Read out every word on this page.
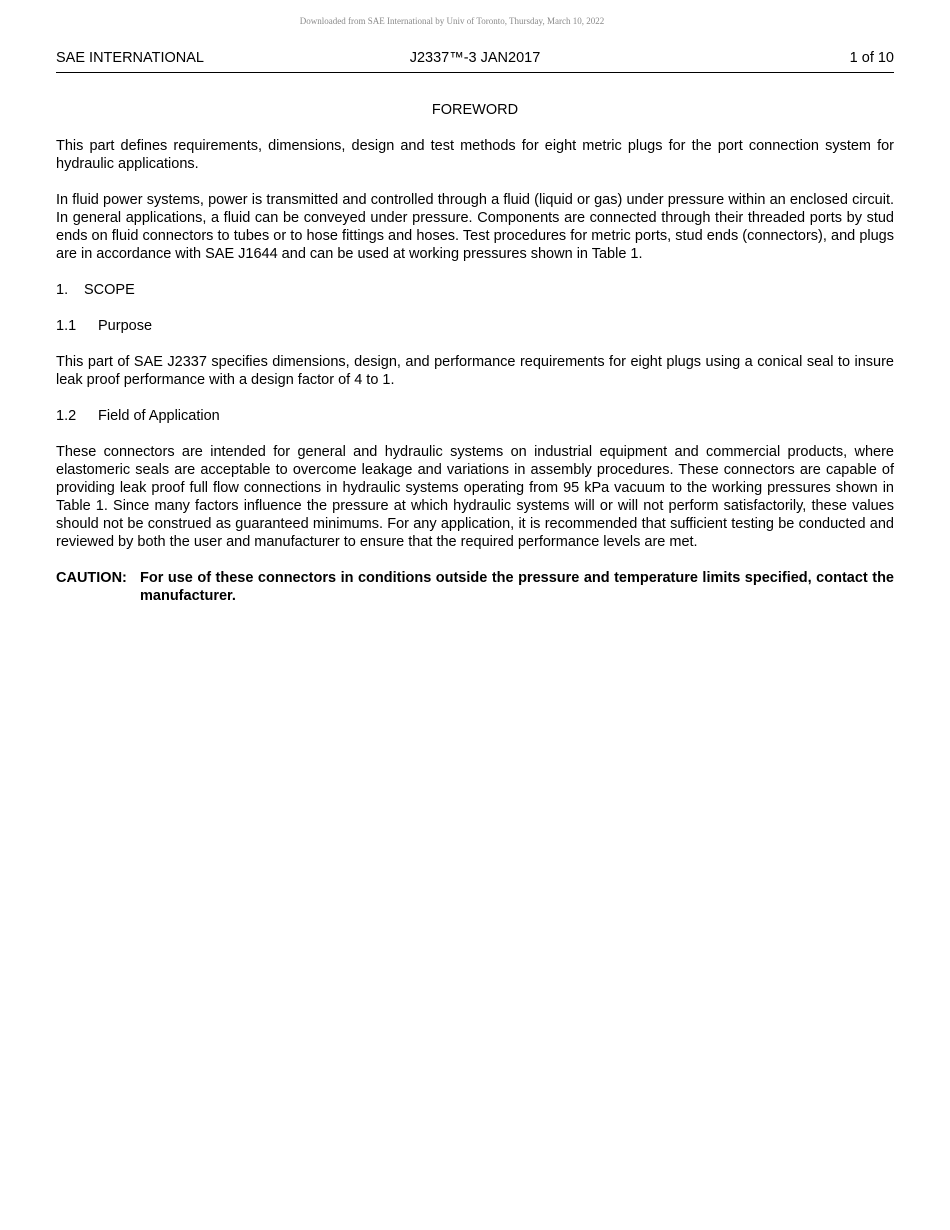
Downloaded from SAE International by Univ of Toronto, Thursday, March 10, 2022
SAE INTERNATIONAL	J2337™-3 JAN2017	1 of 10

FOREWORD

This part defines requirements, dimensions, design and test methods for eight metric plugs for the port connection system for hydraulic applications.

In fluid power systems, power is transmitted and controlled through a fluid (liquid or gas) under pressure within an enclosed circuit. In general applications, a fluid can be conveyed under pressure. Components are connected through their threaded ports by stud ends on fluid connectors to tubes or to hose fittings and hoses. Test procedures for metric ports, stud ends (connectors), and plugs are in accordance with SAE J1644 and can be used at working pressures shown in Table 1.

1. SCOPE
1.1 Purpose

This part of SAE J2337 specifies dimensions, design, and performance requirements for eight plugs using a conical seal to insure leak proof performance with a design factor of 4 to 1.

1.2 Field of Application

These connectors are intended for general and hydraulic systems on industrial equipment and commercial products, where elastomeric seals are acceptable to overcome leakage and variations in assembly procedures. These connectors are capable of providing leak proof full flow connections in hydraulic systems operating from 95 kPa vacuum to the working pressures shown in Table 1. Since many factors influence the pressure at which hydraulic systems will or will not perform satisfactorily, these values should not be construed as guaranteed minimums. For any application, it is recommended that sufficient testing be conducted and reviewed by both the user and manufacturer to ensure that the required performance levels are met.

CAUTION: For use of these connectors in conditions outside the pressure and temperature limits specified, contact the manufacturer.
